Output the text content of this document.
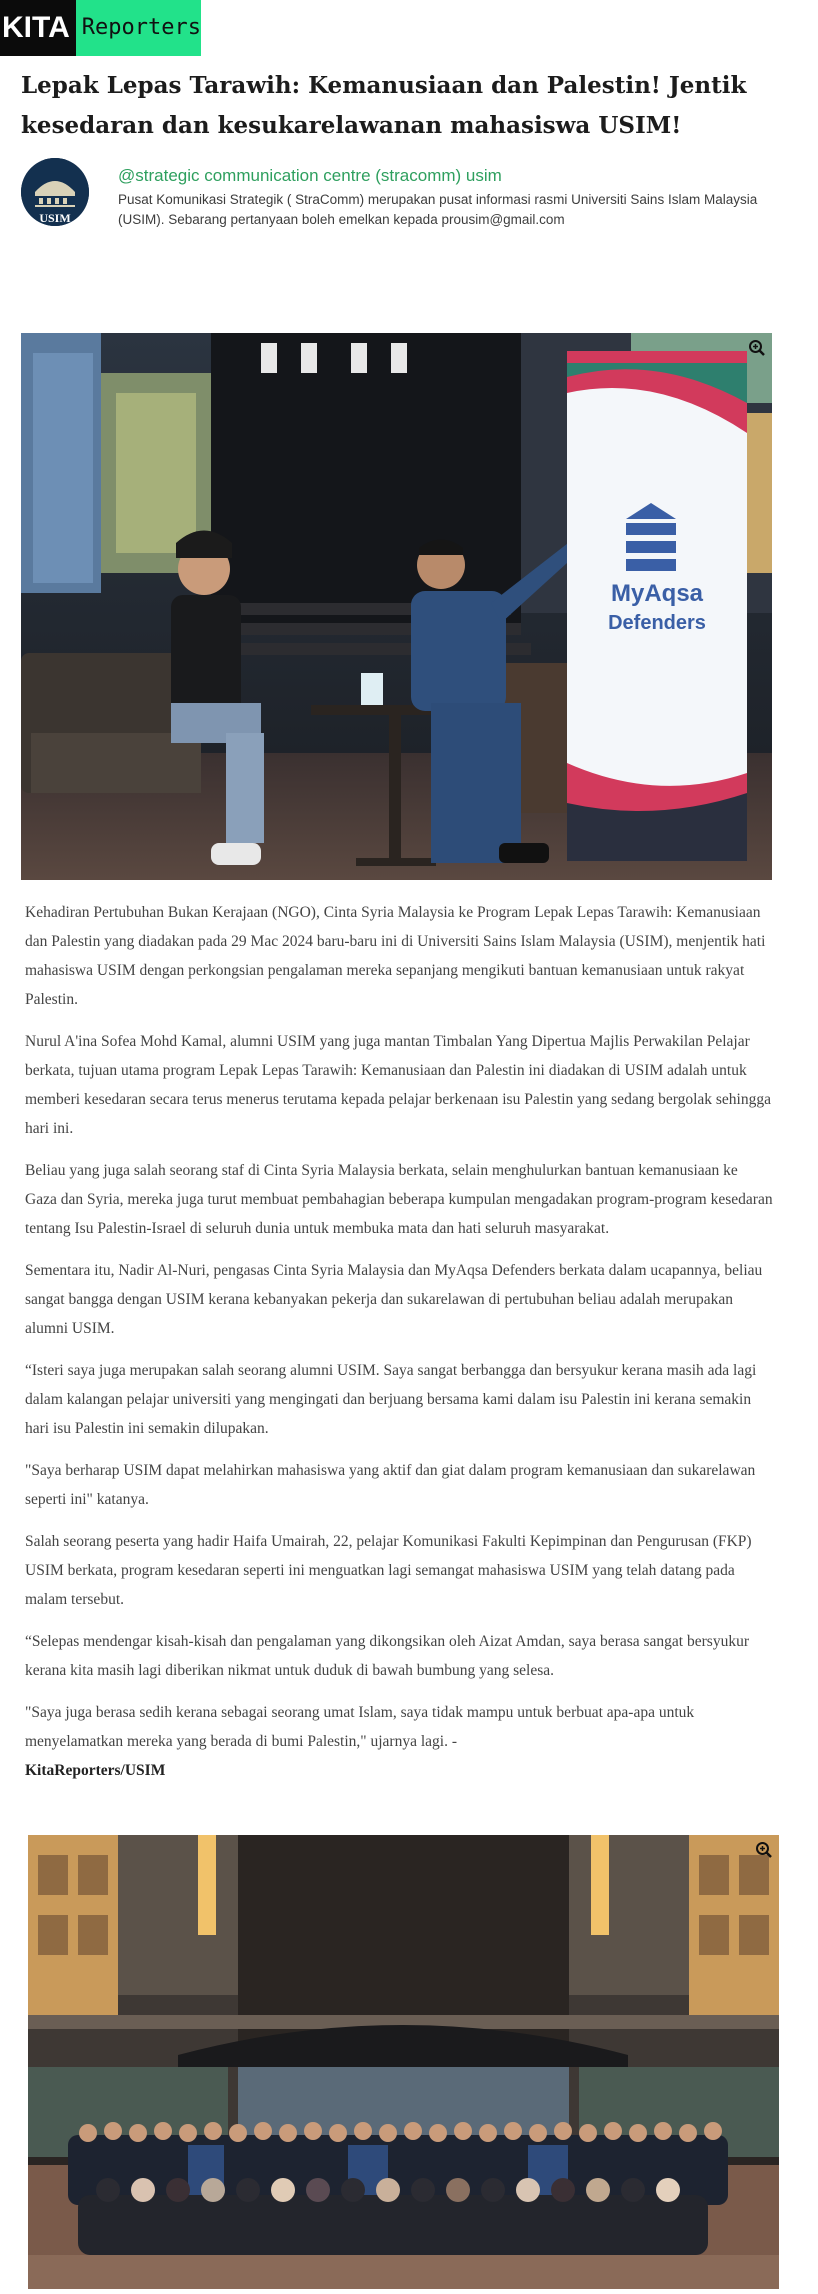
KITA Reporters
Lepak Lepas Tarawih: Kemanusiaan dan Palestin! Jentik kesedaran dan kesukarelawanan mahasiswa USIM!
USIM
@strategic communication centre (stracomm) usim

Pusat Komunikasi Strategik ( StraComm) merupakan pusat informasi rasmi Universiti Sains Islam Malaysia (USIM). Sebarang pertanyaan boleh emelkan kepada prousim@gmail.com

MyAqsa
Defenders

Kehadiran Pertubuhan Bukan Kerajaan (NGO), Cinta Syria Malaysia ke Program Lepak Lepas Tarawih: Kemanusiaan dan Palestin yang diadakan pada 29 Mac 2024 baru-baru ini di Universiti Sains Islam Malaysia (USIM), menjentik hati mahasiswa USIM dengan perkongsian pengalaman mereka sepanjang mengikuti bantuan kemanusiaan untuk rakyat Palestin.

Nurul A'ina Sofea Mohd Kamal, alumni USIM yang juga mantan Timbalan Yang Dipertua Majlis Perwakilan Pelajar berkata, tujuan utama program Lepak Lepas Tarawih: Kemanusiaan dan Palestin ini diadakan di USIM adalah untuk memberi kesedaran secara terus menerus terutama kepada pelajar berkenaan isu Palestin yang sedang bergolak sehingga hari ini.

Beliau yang juga salah seorang staf di Cinta Syria Malaysia berkata, selain menghulurkan bantuan kemanusiaan ke Gaza dan Syria, mereka juga turut membuat pembahagian beberapa kumpulan mengadakan program-program kesedaran tentang Isu Palestin-Israel di seluruh dunia untuk membuka mata dan hati seluruh masyarakat.

Sementara itu, Nadir Al-Nuri, pengasas Cinta Syria Malaysia dan MyAqsa Defenders berkata dalam ucapannya, beliau sangat bangga dengan USIM kerana kebanyakan pekerja dan sukarelawan di pertubuhan beliau adalah merupakan alumni USIM.

“Isteri saya juga merupakan salah seorang alumni USIM. Saya sangat berbangga dan bersyukur kerana masih ada lagi dalam kalangan pelajar universiti yang mengingati dan berjuang bersama kami dalam isu Palestin ini kerana semakin hari isu Palestin ini semakin dilupakan.

"Saya berharap USIM dapat melahirkan mahasiswa yang aktif dan giat dalam program kemanusiaan dan sukarelawan seperti ini" katanya.

Salah seorang peserta yang hadir Haifa Umairah, 22, pelajar Komunikasi Fakulti Kepimpinan dan Pengurusan (FKP) USIM berkata, program kesedaran seperti ini menguatkan lagi semangat mahasiswa USIM yang telah datang pada malam tersebut.

“Selepas mendengar kisah-kisah dan pengalaman yang dikongsikan oleh Aizat Amdan, saya berasa sangat bersyukur kerana kita masih lagi diberikan nikmat untuk duduk di bawah bumbung yang selesa.

"Saya juga berasa sedih kerana sebagai seorang umat Islam, saya tidak mampu untuk berbuat apa-apa untuk menyelamatkan mereka yang berada di bumi Palestin," ujarnya lagi. -
KitaReporters/USIM
